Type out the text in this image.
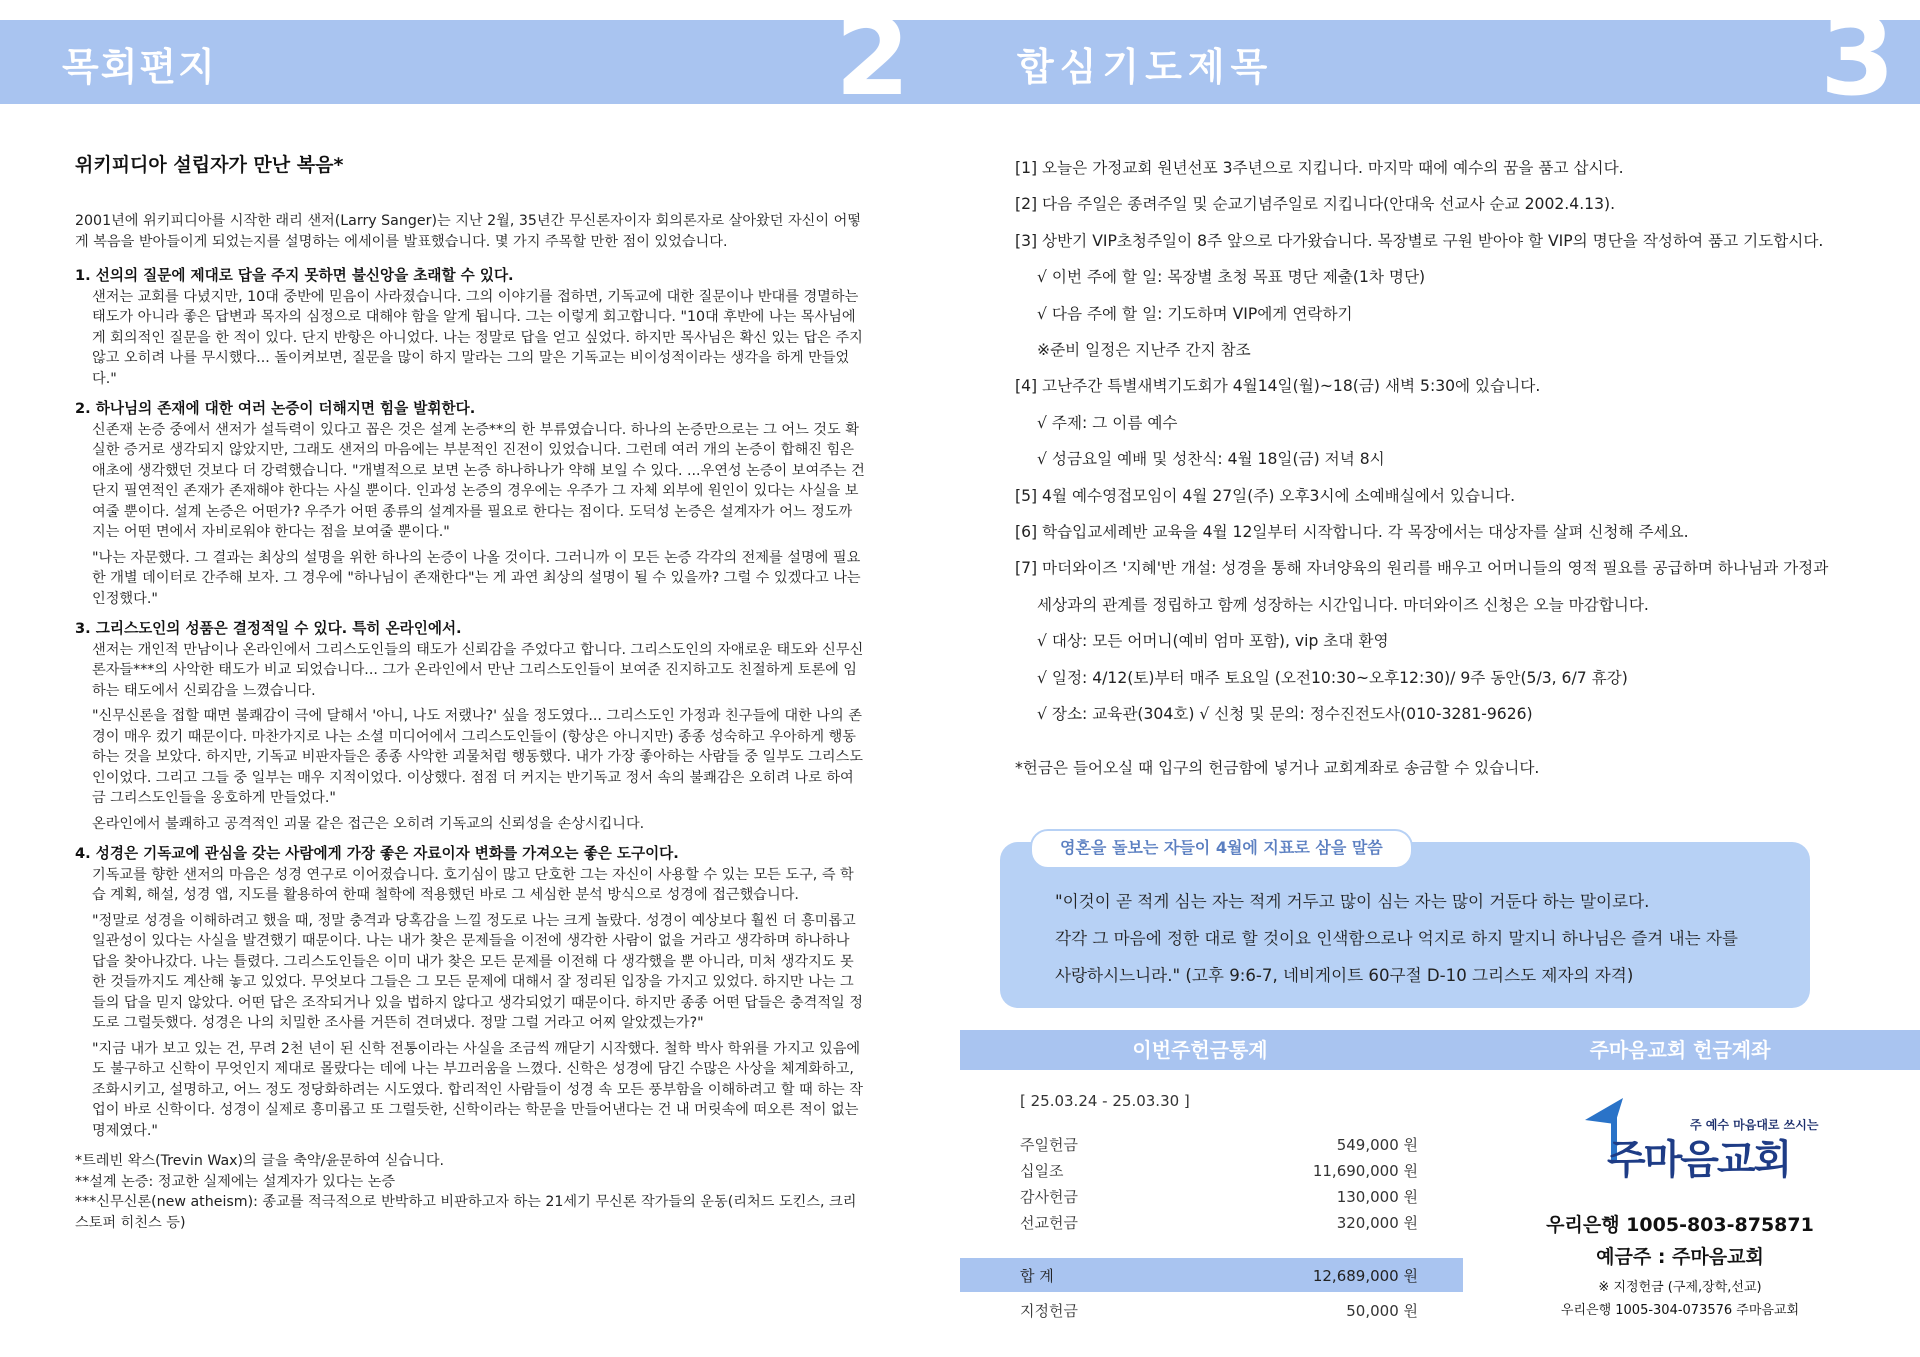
목회편지	2	합심기도제목	3
위키피디아 설립자가 만난 복음*

2001년에 위키피디아를 시작한 래리 샌저(Larry Sanger)는 지난 2월, 35년간 무신론자이자 회의론자로 살아왔던 자신이 어떻게 복음을 받아들이게 되었는지를 설명하는 에세이를 발표했습니다. 몇 가지 주목할 만한 점이 있었습니다.

1. 선의의 질문에 제대로 답을 주지 못하면 불신앙을 초래할 수 있다.

샌저는 교회를 다녔지만, 10대 중반에 믿음이 사라졌습니다. 그의 이야기를 접하면, 기독교에 대한 질문이나 반대를 경멸하는 태도가 아니라 좋은 답변과 목자의 심정으로 대해야 함을 알게 됩니다. 그는 이렇게 회고합니다. "10대 후반에 나는 목사님에게 회의적인 질문을 한 적이 있다. 단지 반항은 아니었다. 나는 정말로 답을 얻고 싶었다. 하지만 목사님은 확신 있는 답은 주지 않고 오히려 나를 무시했다... 돌이켜보면, 질문을 많이 하지 말라는 그의 말은 기독교는 비이성적이라는 생각을 하게 만들었다."

2. 하나님의 존재에 대한 여러 논증이 더해지면 힘을 발휘한다.

신존재 논증 중에서 샌저가 설득력이 있다고 꼽은 것은 설계 논증**의 한 부류였습니다. 하나의 논증만으로는 그 어느 것도 확실한 증거로 생각되지 않았지만, 그래도 샌저의 마음에는 부분적인 진전이 있었습니다. 그런데 여러 개의 논증이 합해진 힘은 애초에 생각했던 것보다 더 강력했습니다. "개별적으로 보면 논증 하나하나가 약해 보일 수 있다. ...우연성 논증이 보여주는 건 단지 필연적인 존재가 존재해야 한다는 사실 뿐이다. 인과성 논증의 경우에는 우주가 그 자체 외부에 원인이 있다는 사실을 보여줄 뿐이다. 설계 논증은 어떤가? 우주가 어떤 종류의 설계자를 필요로 한다는 점이다. 도덕성 논증은 설계자가 어느 정도까지는 어떤 면에서 자비로워야 한다는 점을 보여줄 뿐이다."

"나는 자문했다. 그 결과는 최상의 설명을 위한 하나의 논증이 나올 것이다. 그러니까 이 모든 논증 각각의 전제를 설명에 필요한 개별 데이터로 간주해 보자. 그 경우에 "하나님이 존재한다"는 게 과연 최상의 설명이 될 수 있을까? 그럴 수 있겠다고 나는 인정했다."

3. 그리스도인의 성품은 결정적일 수 있다. 특히 온라인에서.

샌저는 개인적 만남이나 온라인에서 그리스도인들의 태도가 신뢰감을 주었다고 합니다. 그리스도인의 자애로운 태도와 신무신론자들***의 사악한 태도가 비교 되었습니다... 그가 온라인에서 만난 그리스도인들이 보여준 진지하고도 친절하게 토론에 임하는 태도에서 신뢰감을 느꼈습니다.

"신무신론을 접할 때면 불쾌감이 극에 달해서 '아니, 나도 저랬나?' 싶을 정도였다... 그리스도인 가정과 친구들에 대한 나의 존경이 매우 컸기 때문이다. 마찬가지로 나는 소셜 미디어에서 그리스도인들이 (항상은 아니지만) 종종 성숙하고 우아하게 행동하는 것을 보았다. 하지만, 기독교 비판자들은 종종 사악한 괴물처럼 행동했다. 내가 가장 좋아하는 사람들 중 일부도 그리스도인이었다. 그리고 그들 중 일부는 매우 지적이었다. 이상했다. 점점 더 커지는 반기독교 정서 속의 불쾌감은 오히려 나로 하여금 그리스도인들을 옹호하게 만들었다."

온라인에서 불쾌하고 공격적인 괴물 같은 접근은 오히려 기독교의 신뢰성을 손상시킵니다.

4. 성경은 기독교에 관심을 갖는 사람에게 가장 좋은 자료이자 변화를 가져오는 좋은 도구이다.

기독교를 향한 샌저의 마음은 성경 연구로 이어졌습니다. 호기심이 많고 단호한 그는 자신이 사용할 수 있는 모든 도구, 즉 학습 계획, 해설, 성경 앱, 지도를 활용하여 한때 철학에 적용했던 바로 그 세심한 분석 방식으로 성경에 접근했습니다.

"정말로 성경을 이해하려고 했을 때, 정말 충격과 당혹감을 느낄 정도로 나는 크게 놀랐다. 성경이 예상보다 훨씬 더 흥미롭고 일관성이 있다는 사실을 발견했기 때문이다. 나는 내가 찾은 문제들을 이전에 생각한 사람이 없을 거라고 생각하며 하나하나 답을 찾아나갔다. 나는 틀렸다. 그리스도인들은 이미 내가 찾은 모든 문제를 이전해 다 생각했을 뿐 아니라, 미처 생각지도 못한 것들까지도 계산해 놓고 있었다. 무엇보다 그들은 그 모든 문제에 대해서 잘 정리된 입장을 가지고 있었다. 하지만 나는 그들의 답을 믿지 않았다. 어떤 답은 조작되거나 있을 법하지 않다고 생각되었기 때문이다. 하지만 종종 어떤 답들은 충격적일 정도로 그럴듯했다. 성경은 나의 치밀한 조사를 거뜬히 견뎌냈다. 정말 그럴 거라고 어찌 알았겠는가?"

"지금 내가 보고 있는 건, 무려 2천 년이 된 신학 전통이라는 사실을 조금씩 깨닫기 시작했다. 철학 박사 학위를 가지고 있음에도 불구하고 신학이 무엇인지 제대로 몰랐다는 데에 나는 부끄러움을 느꼈다. 신학은 성경에 담긴 수많은 사상을 체계화하고, 조화시키고, 설명하고, 어느 정도 정당화하려는 시도였다. 합리적인 사람들이 성경 속 모든 풍부함을 이해하려고 할 때 하는 작업이 바로 신학이다. 성경이 실제로 흥미롭고 또 그럴듯한, 신학이라는 학문을 만들어낸다는 건 내 머릿속에 떠오른 적이 없는 명제였다."

*트레빈 왁스(Trevin Wax)의 글을 축약/윤문하여 싣습니다.

**설계 논증: 정교한 실제에는 설계자가 있다는 논증

***신무신론(new atheism): 종교를 적극적으로 반박하고 비판하고자 하는 21세기 무신론 작가들의 운동(리처드 도킨스, 크리스토퍼 히친스 등)

[1] 오늘은 가정교회 원년선포 3주년으로 지킵니다. 마지막 때에 예수의 꿈을 품고 삽시다.
[2] 다음 주일은 종려주일 및 순교기념주일로 지킵니다(안대욱 선교사 순교 2002.4.13).
[3] 상반기 VIP초청주일이 8주 앞으로 다가왔습니다. 목장별로 구원 받아야 할 VIP의 명단을 작성하여 품고 기도합시다.
√ 이번 주에 할 일: 목장별 초청 목표 명단 제출(1차 명단)
√ 다음 주에 할 일: 기도하며 VIP에게 연락하기
※준비 일정은 지난주 간지 참조
[4] 고난주간 특별새벽기도회가 4월14일(월)~18(금) 새벽 5:30에 있습니다.
√ 주제: 그 이름 예수
√ 성금요일 예배 및 성찬식: 4월 18일(금) 저녁 8시
[5] 4월 예수영접모임이 4월 27일(주) 오후3시에 소예배실에서 있습니다.
[6] 학습입교세례반 교육을 4월 12일부터 시작합니다. 각 목장에서는 대상자를 살펴 신청해 주세요.
[7] 마더와이즈 '지혜'반 개설: 성경을 통해 자녀양육의 원리를 배우고 어머니들의 영적 필요를 공급하며 하나님과 가정과
세상과의 관계를 정립하고 함께 성장하는 시간입니다. 마더와이즈 신청은 오늘 마감합니다.
√ 대상: 모든 어머니(예비 엄마 포함), vip 초대 환영
√ 일정: 4/12(토)부터 매주 토요일 (오전10:30~오후12:30)/ 9주 동안(5/3, 6/7 휴강)
√ 장소: 교육관(304호) √ 신청 및 문의: 정수진전도사(010-3281-9626)
*헌금은 들어오실 때 입구의 헌금함에 넣거나 교회계좌로 송금할 수 있습니다.
영혼을 돌보는 자들이 4월에 지표로 삼을 말씀
"이것이 곧 적게 심는 자는 적게 거두고 많이 심는 자는 많이 거둔다 하는 말이로다.
각각 그 마음에 정한 대로 할 것이요 인색함으로나 억지로 하지 말지니 하나님은 즐겨 내는 자를
사랑하시느니라." (고후 9:6-7, 네비게이트 60구절 D-10 그리스도 제자의 자격)
이번주헌금통계	주마음교회 헌금계좌
[ 25.03.24 - 25.03.30 ]
주일헌금	549,000 원
십일조	11,690,000 원
감사헌금	130,000 원
선교헌금	320,000 원
합 계	12,689,000 원
지정헌금	50,000 원
주 예수 마음대로 쓰시는
주마음교회
우리은행 1005-803-875871
예금주 : 주마음교회
※ 지정헌금 (구제,장학,선교)
우리은행 1005-304-073576 주마음교회
